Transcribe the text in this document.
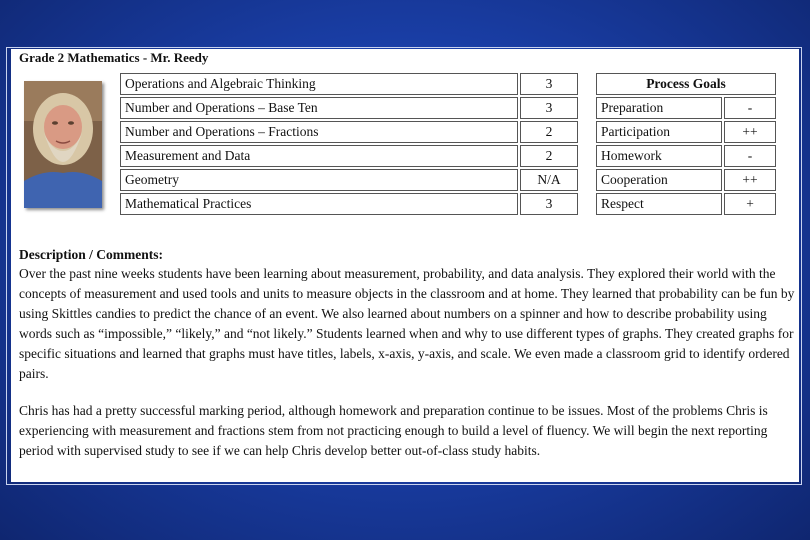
Grade 2 Mathematics - Mr. Reedy
Operations and Algebraic Thinking	3
Number and Operations – Base Ten	3
Number and Operations – Fractions	2
Measurement and Data	2
Geometry	N/A
Mathematical Practices	3
Process Goals	
Preparation	-
Participation	++
Homework	-
Cooperation	++
Respect	+
Description / Comments:

Over the past nine weeks students have been learning about measurement, probability, and data analysis. They explored their world with the concepts of measurement and used tools and units to measure objects in the classroom and at home. They learned that probability can be fun by using Skittles candies to predict the chance of an event. We also learned about numbers on a spinner and how to describe probability using words such as “impossible,” “likely,” and “not likely.” Students learned when and why to use different types of graphs. They created graphs for specific situations and learned that graphs must have titles, labels, x-axis, y-axis, and scale. We even made a classroom grid to identify ordered pairs.

Chris has had a pretty successful marking period, although homework and preparation continue to be issues. Most of the problems Chris is experiencing with measurement and fractions stem from not practicing enough to build a level of fluency. We will begin the next reporting period with supervised study to see if we can help Chris develop better out-of-class study habits.
